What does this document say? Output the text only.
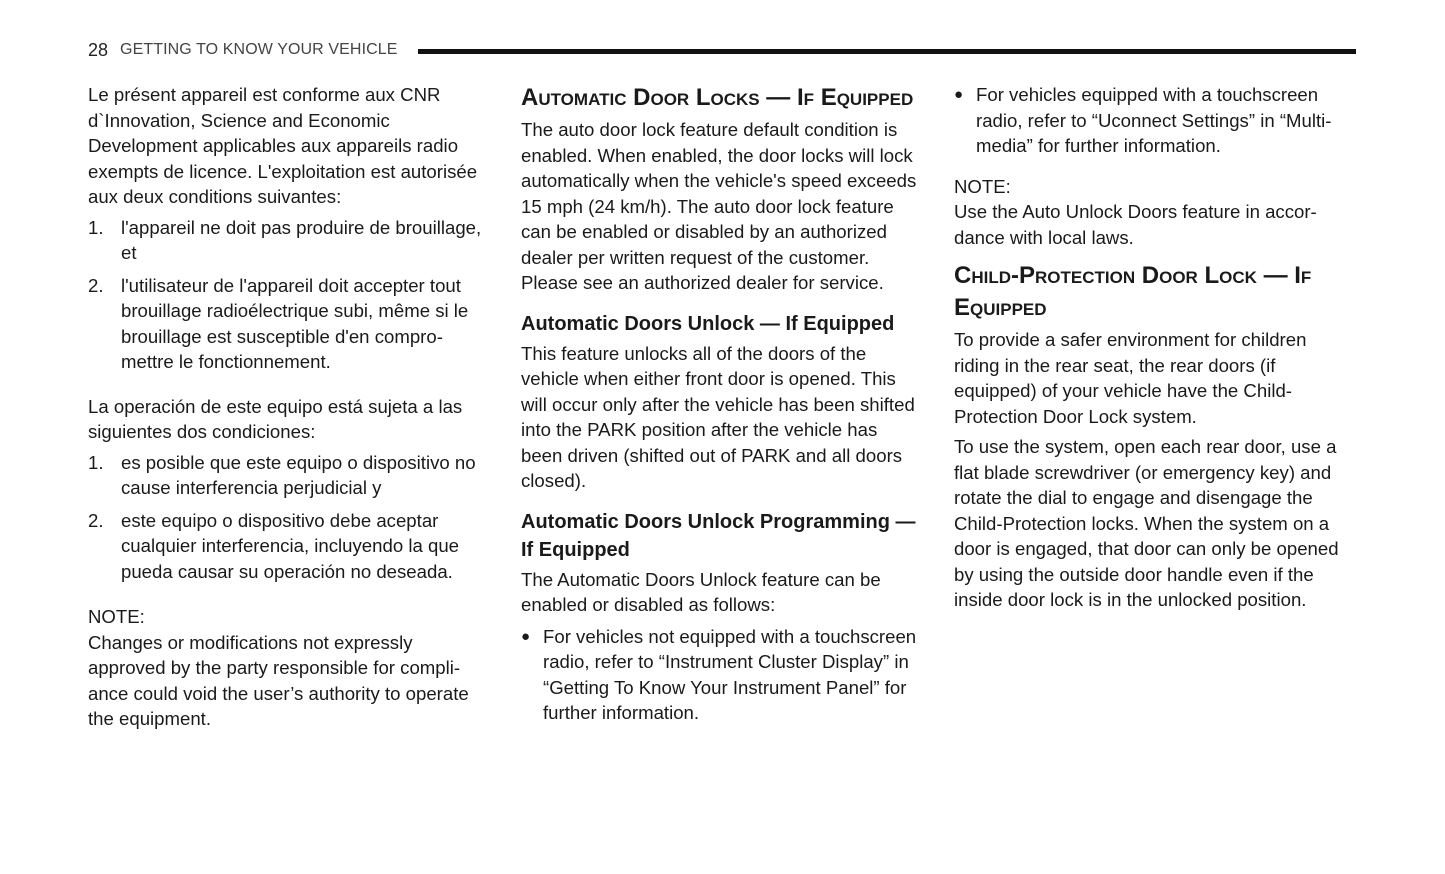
28 GETTING TO KNOW YOUR VEHICLE

Le présent appareil est conforme aux CNR d`Innovation, Science and Economic Development applicables aux appareils radio exempts de licence. L'exploitation est autorisée aux deux conditions suivantes:

1. l'appareil ne doit pas produire de brouillage, et
2. l'utilisateur de l'appareil doit accepter tout brouillage radioélectrique subi, même si le brouillage est susceptible d'en compro-mettre le fonctionnement.

La operación de este equipo está sujeta a las siguientes dos condiciones:

1. es posible que este equipo o dispositivo no cause interferencia perjudicial y
2. este equipo o dispositivo debe aceptar cualquier interferencia, incluyendo la que pueda causar su operación no deseada.

NOTE:

Changes or modifications not expressly approved by the party responsible for compli-ance could void the user’s authority to operate the equipment.

Automatic Door Locks — If Equipped

The auto door lock feature default condition is enabled. When enabled, the door locks will lock automatically when the vehicle's speed exceeds 15 mph (24 km/h). The auto door lock feature can be enabled or disabled by an authorized dealer per written request of the customer. Please see an authorized dealer for service.

Automatic Doors Unlock — If Equipped

This feature unlocks all of the doors of the vehicle when either front door is opened. This will occur only after the vehicle has been shifted into the PARK position after the vehicle has been driven (shifted out of PARK and all doors closed).

Automatic Doors Unlock Programming — If Equipped

The Automatic Doors Unlock feature can be enabled or disabled as follows:

● For vehicles not equipped with a touchscreen radio, refer to “Instrument Cluster Display” in “Getting To Know Your Instrument Panel” for further information.
● For vehicles equipped with a touchscreen radio, refer to “Uconnect Settings” in “Multi-media” for further information.

NOTE:

Use the Auto Unlock Doors feature in accor-dance with local laws.

Child-Protection Door Lock — If Equipped

To provide a safer environment for children riding in the rear seat, the rear doors (if equipped) of your vehicle have the Child-Protection Door Lock system.

To use the system, open each rear door, use a flat blade screwdriver (or emergency key) and rotate the dial to engage and disengage the Child-Protection locks. When the system on a door is engaged, that door can only be opened by using the outside door handle even if the inside door lock is in the unlocked position.
